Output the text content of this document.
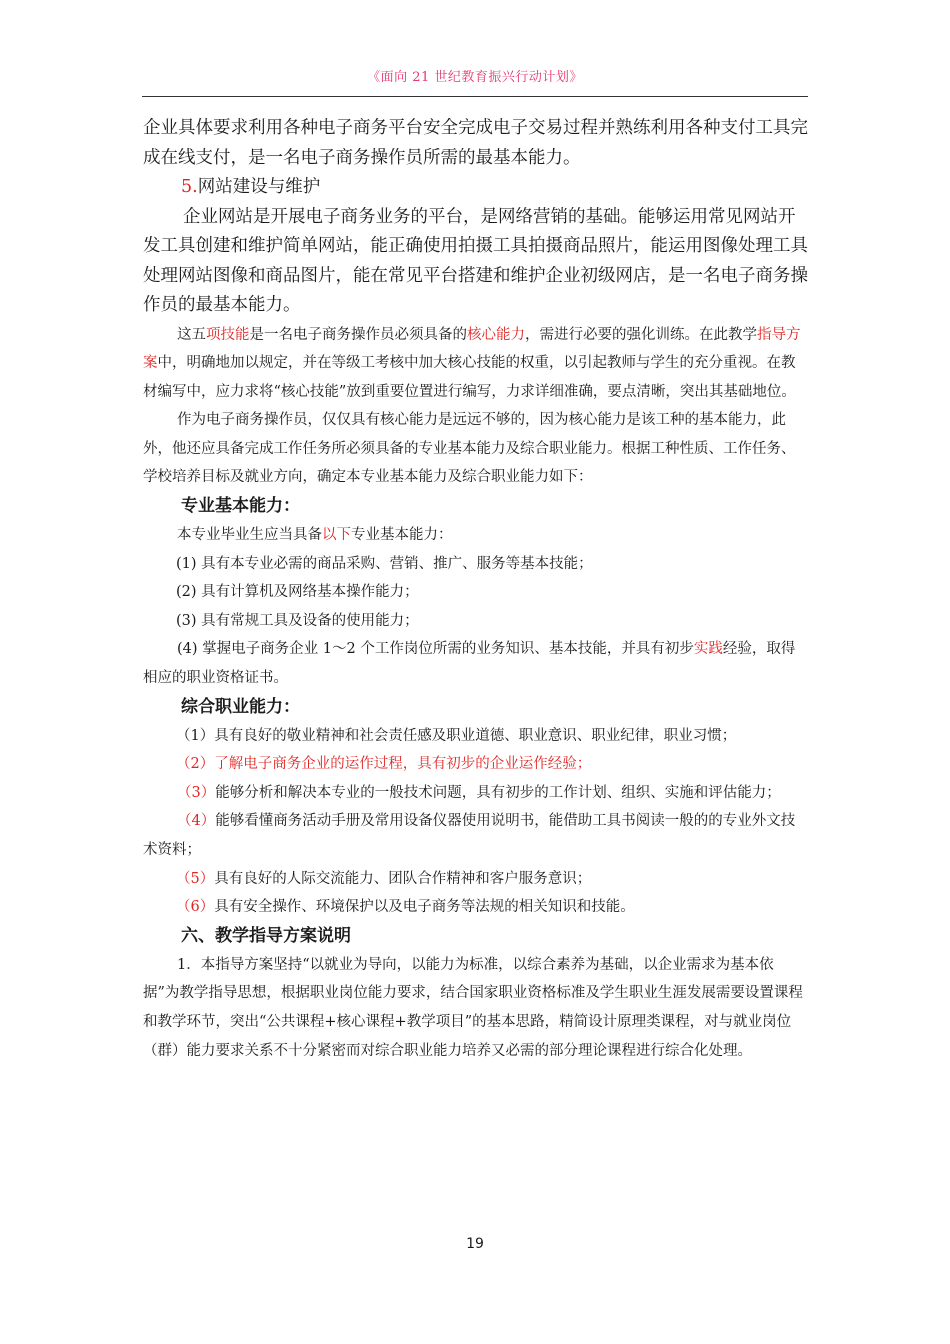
《面向 21 世纪教育振兴行动计划》

企业具体要求利用各种电子商务平台安全完成电子交易过程并熟练利用各种支付工具完成在线支付，是一名电子商务操作员所需的最基本能力。

5.网站建设与维护

企业网站是开展电子商务业务的平台，是网络营销的基础。能够运用常见网站开发工具创建和维护简单网站，能正确使用拍摄工具拍摄商品照片，能运用图像处理工具处理网站图像和商品图片，能在常见平台搭建和维护企业初级网店，是一名电子商务操作员的最基本能力。

这五项技能是一名电子商务操作员必须具备的核心能力，需进行必要的强化训练。在此教学指导方案中，明确地加以规定，并在等级工考核中加大核心技能的权重，以引起教师与学生的充分重视。在教材编写中，应力求将“核心技能”放到重要位置进行编写，力求详细准确，要点清晰，突出其基础地位。

作为电子商务操作员，仅仅具有核心能力是远远不够的，因为核心能力是该工种的基本能力，此外，他还应具备完成工作任务所必须具备的专业基本能力及综合职业能力。根据工种性质、工作任务、学校培养目标及就业方向，确定本专业基本能力及综合职业能力如下：

专业基本能力：

本专业毕业生应当具备以下专业基本能力：

(1) 具有本专业必需的商品采购、营销、推广、服务等基本技能；

(2) 具有计算机及网络基本操作能力；

(3) 具有常规工具及设备的使用能力；

(4) 掌握电子商务企业 1～2 个工作岗位所需的业务知识、基本技能，并具有初步实践经验，取得相应的职业资格证书。

综合职业能力：

（1）具有良好的敬业精神和社会责任感及职业道德、职业意识、职业纪律，职业习惯；

（2）了解电子商务企业的运作过程，具有初步的企业运作经验；

（3）能够分析和解决本专业的一般技术问题，具有初步的工作计划、组织、实施和评估能力；

（4）能够看懂商务活动手册及常用设备仪器使用说明书，能借助工具书阅读一般的的专业外文技术资料；

（5）具有良好的人际交流能力、团队合作精神和客户服务意识；

（6）具有安全操作、环境保护以及电子商务等法规的相关知识和技能。

六、教学指导方案说明

1．本指导方案坚持“以就业为导向，以能力为标准，以综合素养为基础，以企业需求为基本依据”为教学指导思想，根据职业岗位能力要求，结合国家职业资格标准及学生职业生涯发展需要设置课程和教学环节，突出“公共课程+核心课程+教学项目”的基本思路，精简设计原理类课程，对与就业岗位（群）能力要求关系不十分紧密而对综合职业能力培养又必需的部分理论课程进行综合化处理。

19
